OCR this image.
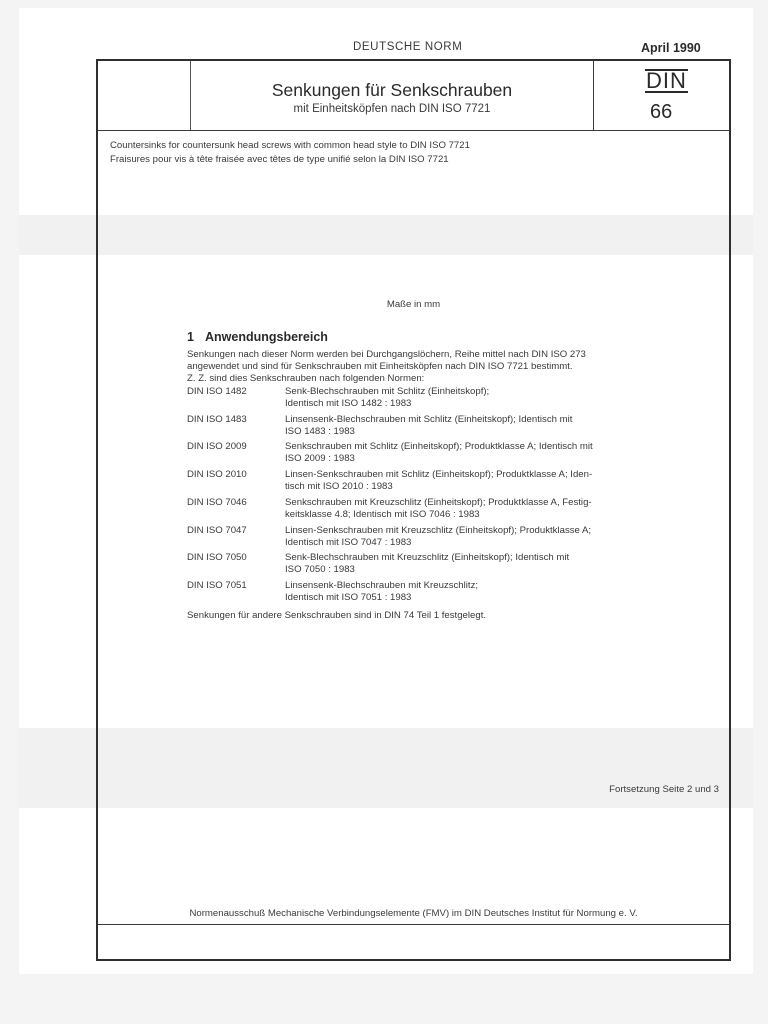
DEUTSCHE NORM	April 1990
Senkungen für Senkschrauben
mit Einheitsköpfen nach DIN ISO 7721
DIN
66
Countersinks for countersunk head screws with common head style to DIN ISO 7721
Fraisures pour vis à tête fraisée avec têtes de type unifié selon la DIN ISO 7721
Maße in mm
1 Anwendungsbereich
Senkungen nach dieser Norm werden bei Durchgangslöchern, Reihe mittel nach DIN ISO 273
angewendet und sind für Senkschrauben mit Einheitsköpfen nach DIN ISO 7721 bestimmt.
Z. Z. sind dies Senkschrauben nach folgenden Normen:
DIN ISO 1482	Senk-Blechschrauben mit Schlitz (Einheitskopf);
Identisch mit ISO 1482 : 1983
DIN ISO 1483	Linsensenk-Blechschrauben mit Schlitz (Einheitskopf); Identisch mit
ISO 1483 : 1983
DIN ISO 2009	Senkschrauben mit Schlitz (Einheitskopf); Produktklasse A; Identisch mit
ISO 2009 : 1983
DIN ISO 2010	Linsen-Senkschrauben mit Schlitz (Einheitskopf); Produktklasse A; Iden-
tisch mit ISO 2010 : 1983
DIN ISO 7046	Senkschrauben mit Kreuzschlitz (Einheitskopf); Produktklasse A, Festig-
keitsklasse 4.8; Identisch mit ISO 7046 : 1983
DIN ISO 7047	Linsen-Senkschrauben mit Kreuzschlitz (Einheitskopf); Produktklasse A;
Identisch mit ISO 7047 : 1983
DIN ISO 7050	Senk-Blechschrauben mit Kreuzschlitz (Einheitskopf); Identisch mit
ISO 7050 : 1983
DIN ISO 7051	Linsensenk-Blechschrauben mit Kreuzschlitz;
Identisch mit ISO 7051 : 1983
Senkungen für andere Senkschrauben sind in DIN 74 Teil 1 festgelegt.
Fortsetzung Seite 2 und 3
Normenausschuß Mechanische Verbindungselemente (FMV) im DIN Deutsches Institut für Normung e. V.
